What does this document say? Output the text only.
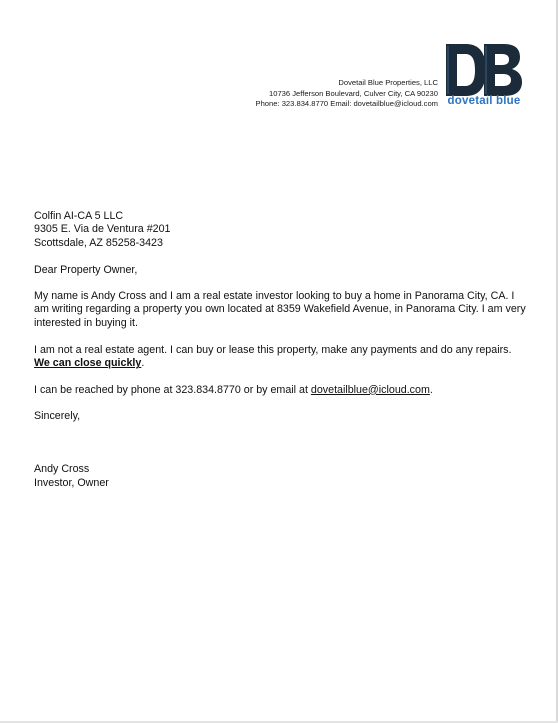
Dovetail Blue Properties, LLC
10736 Jefferson Boulevard, Culver City, CA 90230
Phone: 323.834.8770 Email: dovetailblue@icloud.com dovetail blue
Colfin AI-CA 5 LLC
9305 E. Via de Ventura #201
Scottsdale, AZ 85258-3423

Dear Property Owner,

My name is Andy Cross and I am a real estate investor looking to buy a home in Panorama City, CA. I am writing regarding a property you own located at 8359 Wakefield Avenue, in Panorama City. I am very interested in buying it.

I am not a real estate agent. I can buy or lease this property, make any payments and do any repairs. We can close quickly.

I can be reached by phone at 323.834.8770 or by email at dovetailblue@icloud.com.

Sincerely,

Andy Cross

Investor, Owner
